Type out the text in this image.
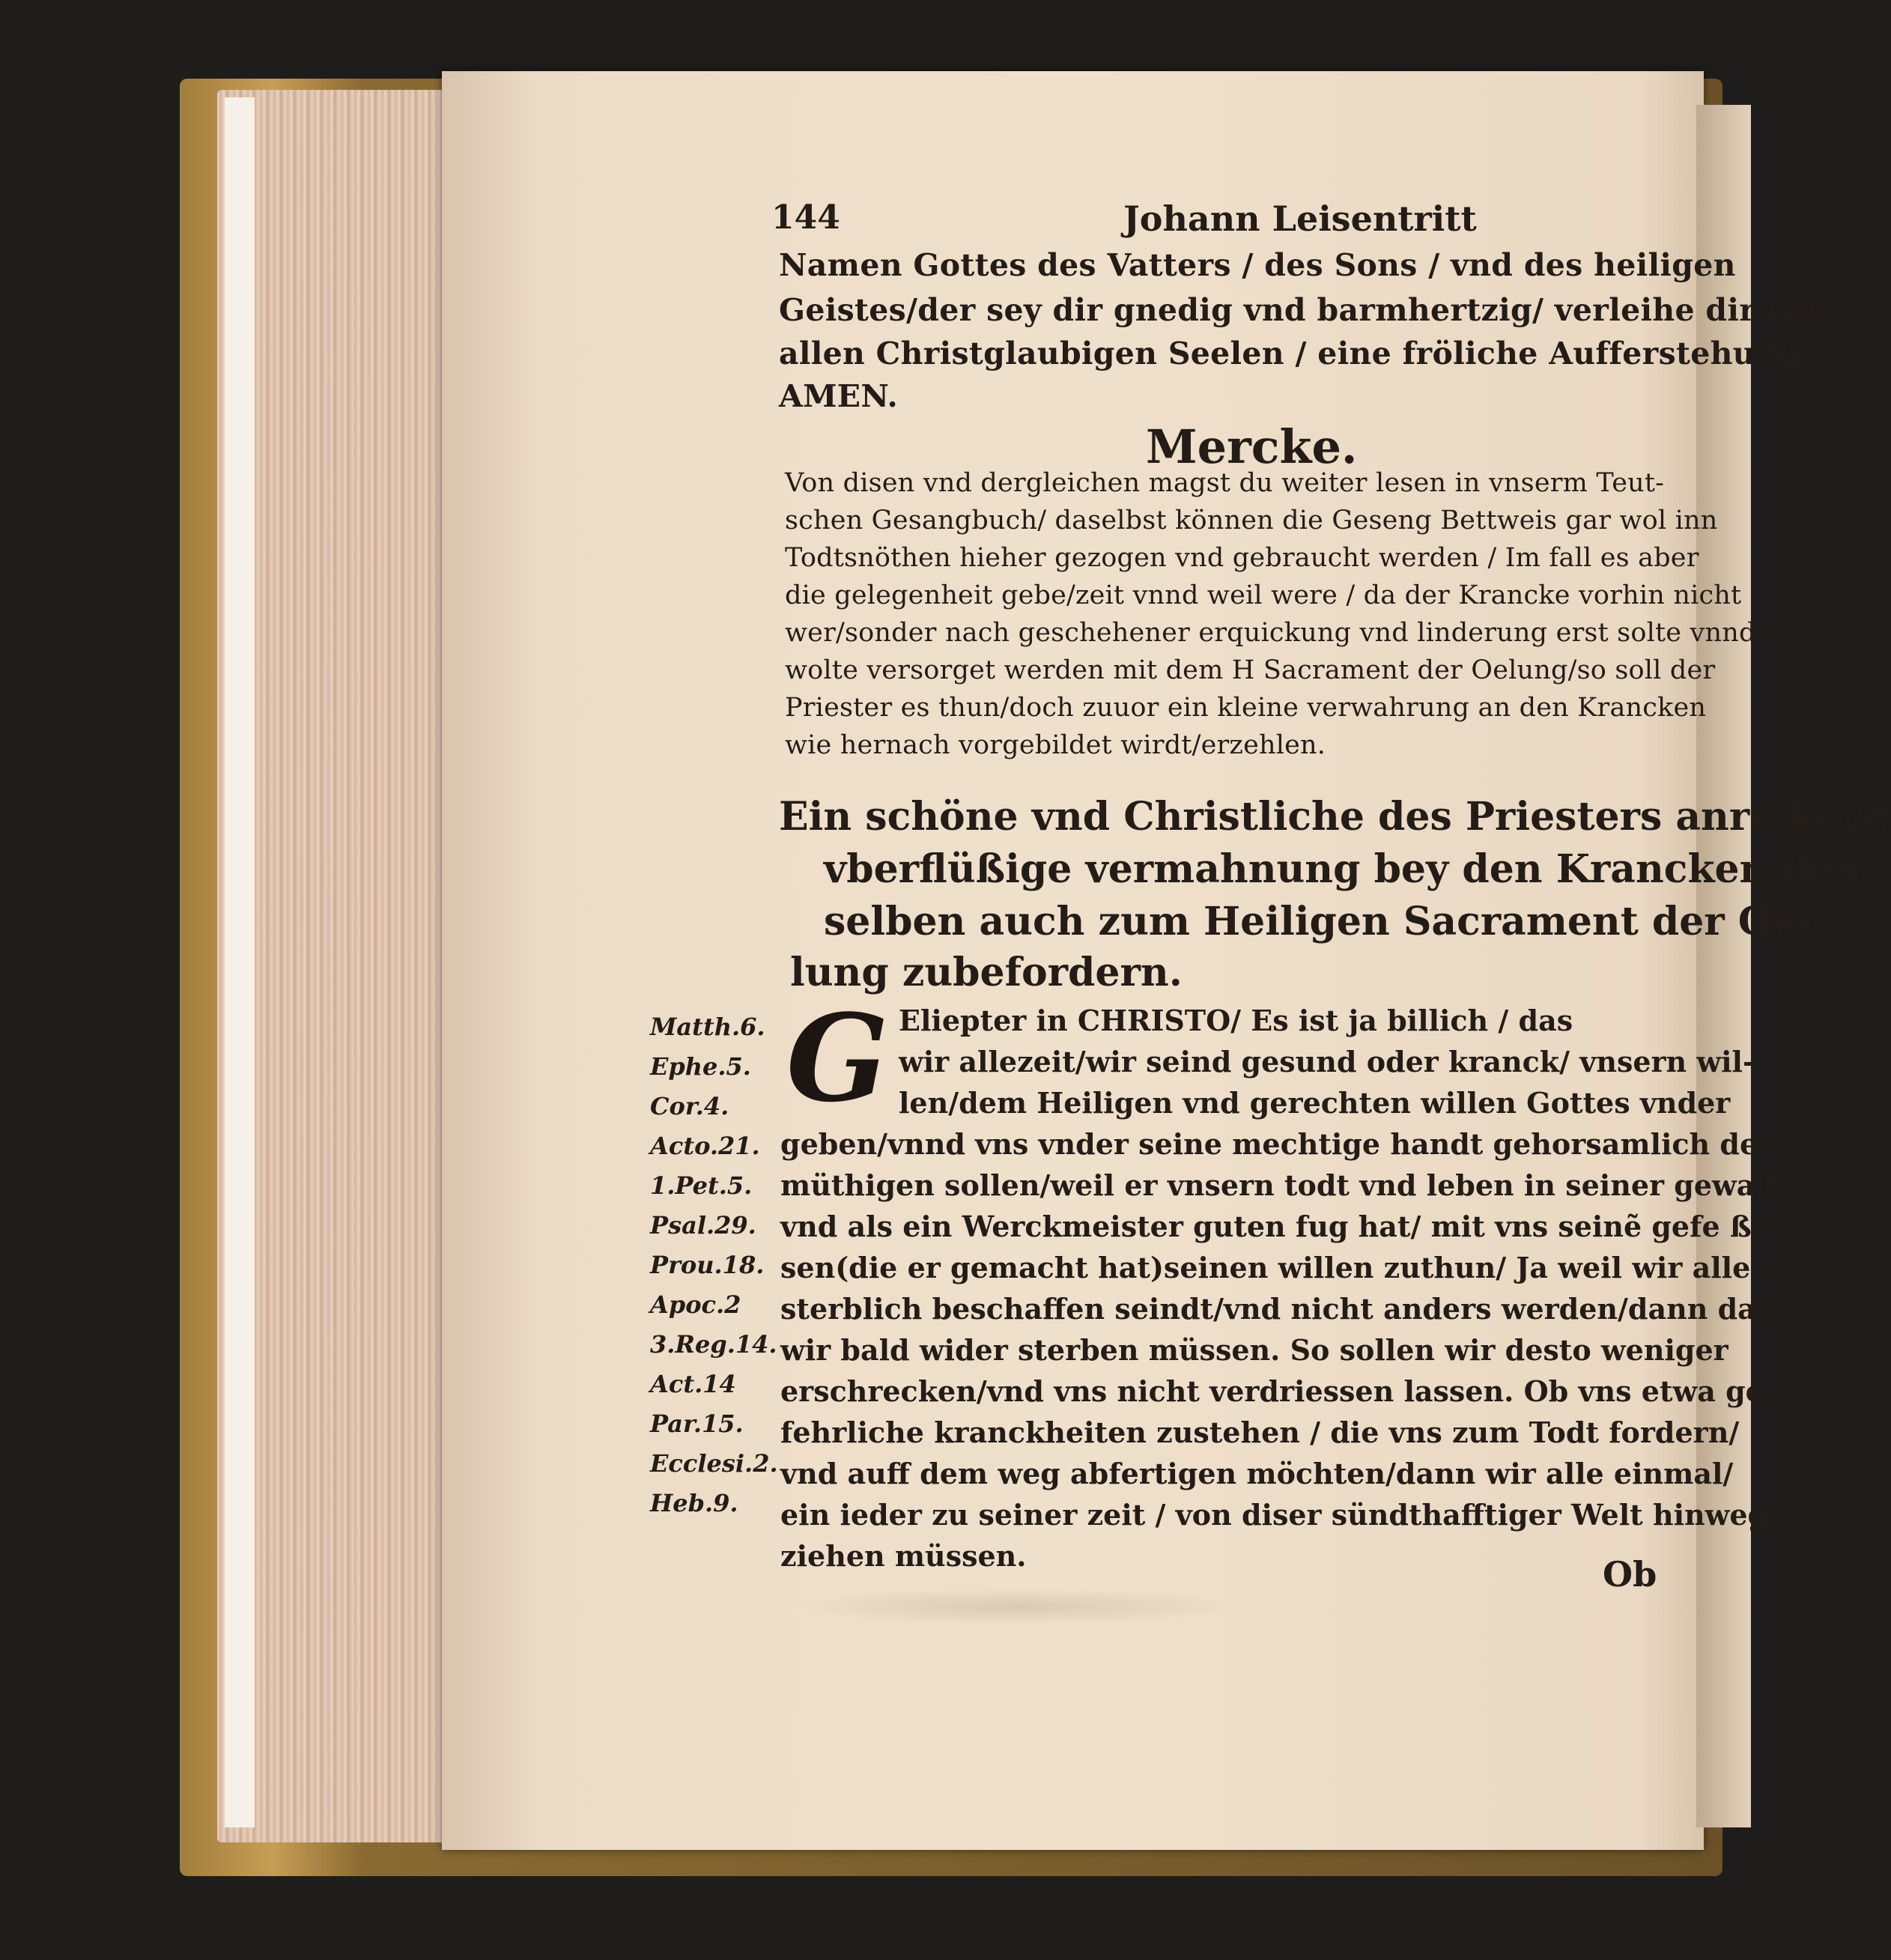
144	Johann Leisentritt
Namen Gottes des Vatters / des Sons / vnd des heiligen
Geistes/der sey dir gnedig vnd barmhertzig/ verleihe dir vnd
allen Christglaubigen Seelen / eine fröliche Aufferstehung/
AMEN.
Mercke.
Von disen vnd dergleichen magst du weiter lesen in vnserm Teut-
schen Gesangbuch/ daselbst können die Geseng Bettweis gar wol inn
Todtsnöthen hieher gezogen vnd gebraucht werden / Im fall es aber
die gelegenheit gebe/zeit vnnd weil were / da der Krancke vorhin nicht
wer/sonder nach geschehener erquickung vnd linderung erst solte vnnd
wolte versorget werden mit dem H Sacrament der Oelung/so soll der
Priester es thun/doch zuuor ein kleine verwahrung an den Krancken
wie hernach vorgebildet wirdt/erzehlen.
Ein schöne vnd Christliche des Priesters anrede vñ
vberflüßige vermahnung bey den Krancken den
selben auch zum Heiligen Sacrament der Oe-
lung zubefordern.
G Eliepter in CHRISTO/ Es ist ja billich / das
wir allezeit/wir seind gesund oder kranck/ vnsern wil-
len/dem Heiligen vnd gerechten willen Gottes vnder
geben/vnnd vns vnder seine mechtige handt gehorsamlich de-
müthigen sollen/weil er vnsern todt vnd leben in seiner gewalt
vnd als ein Werckmeister guten fug hat/ mit vns seinẽ gefe ß-
sen(die er gemacht hat)seinen willen zuthun/ Ja weil wir alle
sterblich beschaffen seindt/vnd nicht anders werden/dann das
wir bald wider sterben müssen. So sollen wir desto weniger
erschrecken/vnd vns nicht verdriessen lassen. Ob vns etwa ge
fehrliche kranckheiten zustehen / die vns zum Todt fordern/
vnd auff dem weg abfertigen möchten/dann wir alle einmal/
ein ieder zu seiner zeit / von diser sündthafftiger Welt hinweg
ziehen müssen.
Matth.6.
Ephe.5.
Cor.4.
Acto.21.
1.Pet.5.
Psal.29.
Prou.18.
Apoc.2
3.Reg.14.
Act.14
Par.15.
Ecclesi.2.
Heb.9.
Ob
